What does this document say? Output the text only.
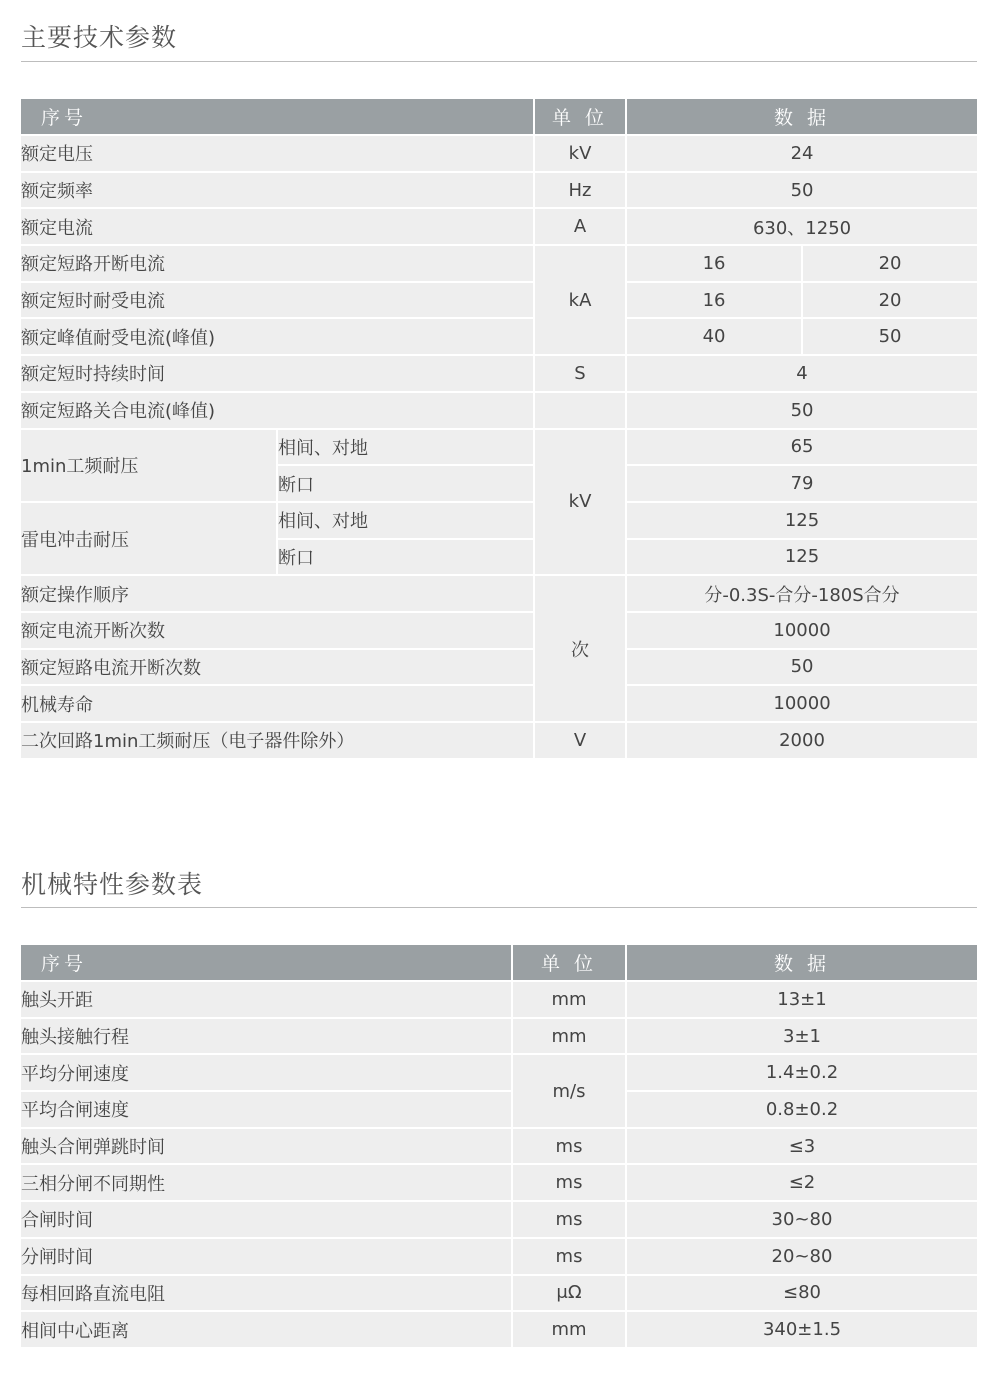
主要技术参数
序号		单 位	数 据	
额定电压		kV	24	
额定频率		Hz	50	
额定电流		A	630、1250	
额定短路开断电流		kA	16	20
额定短时耐受电流			16	20
额定峰值耐受电流(峰值)			40	50
额定短时持续时间		S	4	
额定短路关合电流(峰值)			50	
1min工频耐压	相间、对地	kV	65	
	断口		79	
雷电冲击耐压	相间、对地		125	
	断口		125	
额定操作顺序		次	分-0.3S-合分-180S合分	
额定电流开断次数			10000	
额定短路电流开断次数			50	
机械寿命			10000	
二次回路1min工频耐压（电子器件除外）		V	2000	
机械特性参数表
序号	单 位	数 据
触头开距	mm	13±1
触头接触行程	mm	3±1
平均分闸速度	m/s	1.4±0.2
平均合闸速度		0.8±0.2
触头合闸弹跳时间	ms	≤3
三相分闸不同期性	ms	≤2
合闸时间	ms	30~80
分闸时间	ms	20~80
每相回路直流电阻	μΩ	≤80
相间中心距离	mm	340±1.5
